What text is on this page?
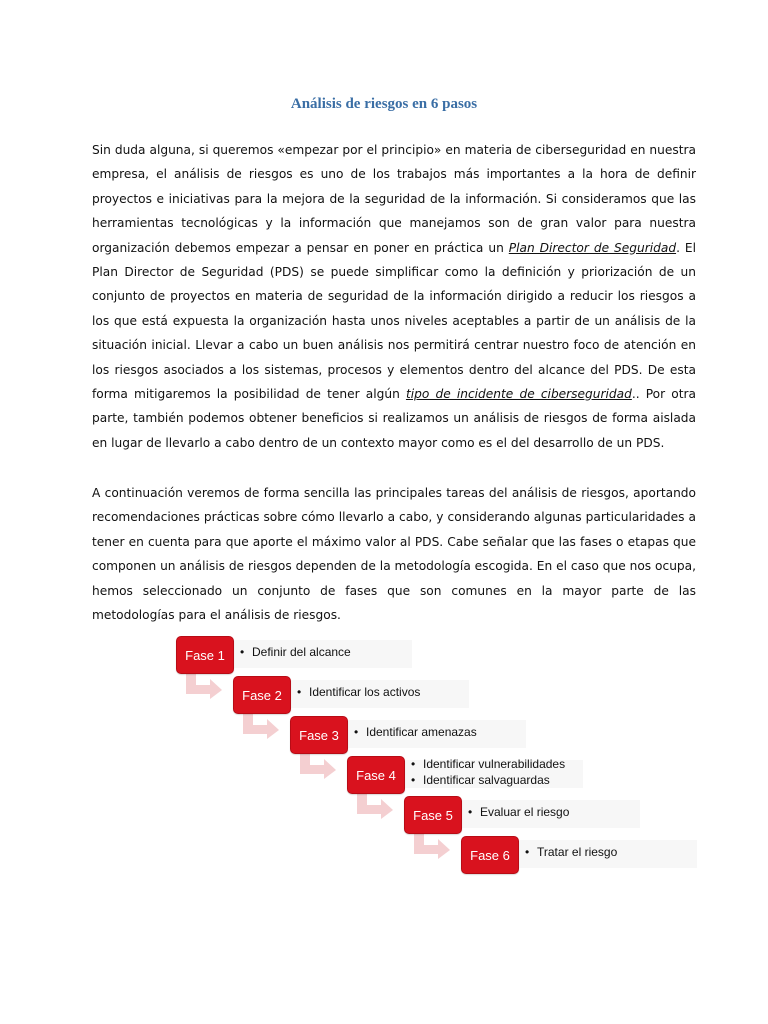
Análisis de riesgos en 6 pasos

Sin duda alguna, si queremos «empezar por el principio» en materia de ciberseguridad en nuestra empresa, el análisis de riesgos es uno de los trabajos más importantes a la hora de definir proyectos e iniciativas para la mejora de la seguridad de la información. Si consideramos que las herramientas tecnológicas y la información que manejamos son de gran valor para nuestra organización debemos empezar a pensar en poner en práctica un Plan Director de Seguridad. El Plan Director de Seguridad (PDS) se puede simplificar como la definición y priorización de un conjunto de proyectos en materia de seguridad de la información dirigido a reducir los riesgos a los que está expuesta la organización hasta unos niveles aceptables a partir de un análisis de la situación inicial. Llevar a cabo un buen análisis nos permitirá centrar nuestro foco de atención en los riesgos asociados a los sistemas, procesos y elementos dentro del alcance del PDS. De esta forma mitigaremos la posibilidad de tener algún tipo de incidente de ciberseguridad.. Por otra parte, también podemos obtener beneficios si realizamos un análisis de riesgos de forma aislada en lugar de llevarlo a cabo dentro de un contexto mayor como es el del desarrollo de un PDS.

A continuación veremos de forma sencilla las principales tareas del análisis de riesgos, aportando recomendaciones prácticas sobre cómo llevarlo a cabo, y considerando algunas particularidades a tener en cuenta para que aporte el máximo valor al PDS. Cabe señalar que las fases o etapas que componen un análisis de riesgos dependen de la metodología escogida. En el caso que nos ocupa, hemos seleccionado un conjunto de fases que son comunes en la mayor parte de las metodologías para el análisis de riesgos.

Fase 1	• Definir del alcance
Fase 2	• Identificar los activos
Fase 3	• Identificar amenazas
Fase 4
• Identificar vulnerabilidades
• Identificar salvaguardas
Fase 5	• Evaluar el riesgo
Fase 6	• Tratar el riesgo
